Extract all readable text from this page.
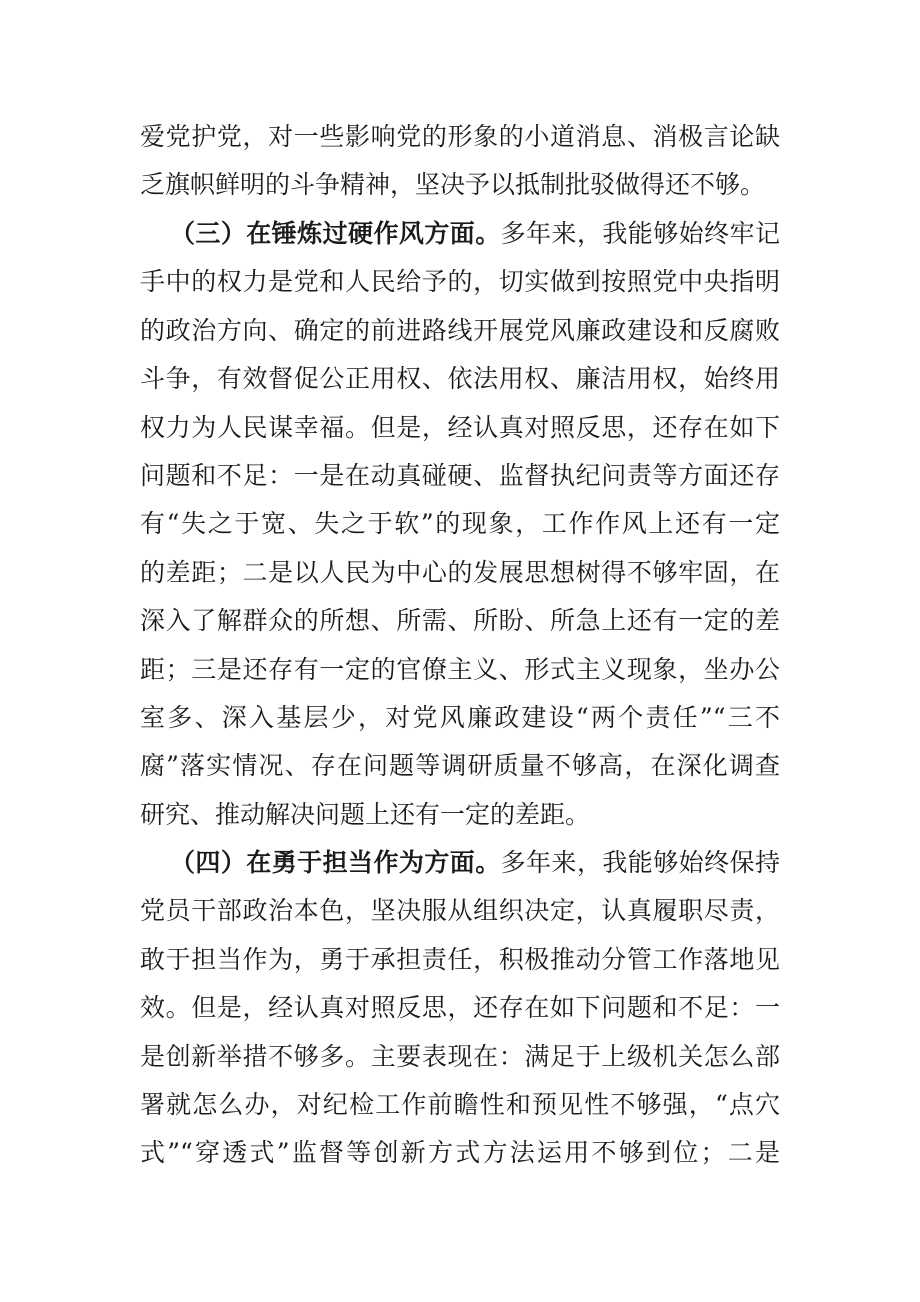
爱党护党，对一些影响党的形象的小道消息、消极言论缺
乏旗帜鲜明的斗争精神，坚决予以抵制批驳做得还不够。
（三）在锤炼过硬作风方面。多年来，我能够始终牢记
手中的权力是党和人民给予的，切实做到按照党中央指明
的政治方向、确定的前进路线开展党风廉政建设和反腐败
斗争，有效督促公正用权、依法用权、廉洁用权，始终用
权力为人民谋幸福。但是，经认真对照反思，还存在如下
问题和不足：一是在动真碰硬、监督执纪问责等方面还存
有“失之于宽、失之于软”的现象，工作作风上还有一定
的差距；二是以人民为中心的发展思想树得不够牢固，在
深入了解群众的所想、所需、所盼、所急上还有一定的差
距；三是还存有一定的官僚主义、形式主义现象，坐办公
室多、深入基层少，对党风廉政建设“两个责任”“三不
腐”落实情况、存在问题等调研质量不够高，在深化调查
研究、推动解决问题上还有一定的差距。
（四）在勇于担当作为方面。多年来，我能够始终保持
党员干部政治本色，坚决服从组织决定，认真履职尽责，
敢于担当作为，勇于承担责任，积极推动分管工作落地见
效。但是，经认真对照反思，还存在如下问题和不足：一
是创新举措不够多。主要表现在：满足于上级机关怎么部
署就怎么办，对纪检工作前瞻性和预见性不够强，“点穴
式”“穿透式”监督等创新方式方法运用不够到位；二是
